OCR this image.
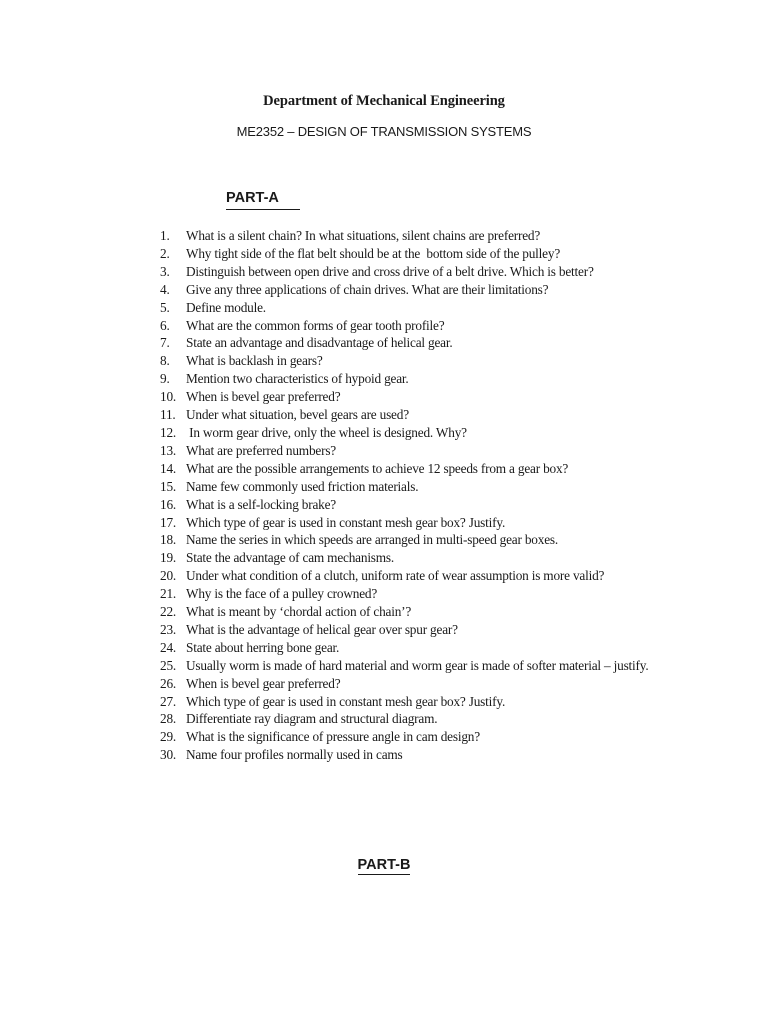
Department of Mechanical Engineering
ME2352 – DESIGN OF TRANSMISSION SYSTEMS
PART-A
1.	What is a silent chain? In what situations, silent chains are preferred?
2.	Why tight side of the flat belt should be at the  bottom side of the pulley?
3.	Distinguish between open drive and cross drive of a belt drive. Which is better?
4.	Give any three applications of chain drives. What are their limitations?
5.	Define module.
6.	What are the common forms of gear tooth profile?
7.	State an advantage and disadvantage of helical gear.
8.	What is backlash in gears?
9.	Mention two characteristics of hypoid gear.
10. When is bevel gear preferred?
11. Under what situation, bevel gears are used?
12. In worm gear drive, only the wheel is designed. Why?
13. What are preferred numbers?
14. What are the possible arrangements to achieve 12 speeds from a gear box?
15. Name few commonly used friction materials.
16. What is a self-locking brake?
17. Which type of gear is used in constant mesh gear box? Justify.
18. Name the series in which speeds are arranged in multi-speed gear boxes.
19. State the advantage of cam mechanisms.
20. Under what condition of a clutch, uniform rate of wear assumption is more valid?
21. Why is the face of a pulley crowned?
22. What is meant by ‘chordal action of chain’?
23. What is the advantage of helical gear over spur gear?
24. State about herring bone gear.
25. Usually worm is made of hard material and worm gear is made of softer material – justify.
26. When is bevel gear preferred?
27. Which type of gear is used in constant mesh gear box? Justify.
28. Differentiate ray diagram and structural diagram.
29. What is the significance of pressure angle in cam design?
30. Name four profiles normally used in cams
PART-B
